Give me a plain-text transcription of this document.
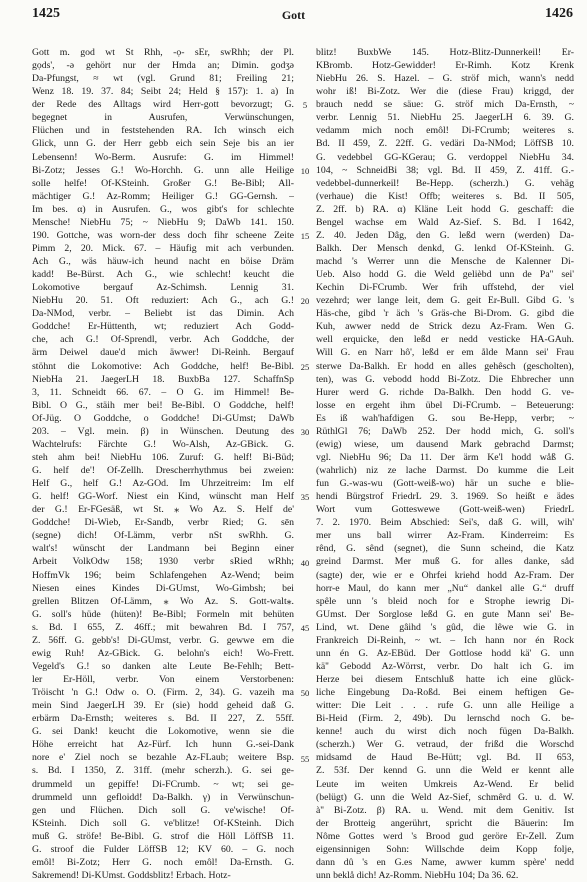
1425	Gott	1426
Gott m. god wt St Rhh, -ọ- sEr, swRhh; der Pl.
gọds', -ə gehört nur der Hmda an; Dimin. godʒə
Da-Pfungst, ≈ wt (vgl. Grund 81; Freiling 21;
Wenz 18. 19. 37. 84; Seibt 24; Held § 157): 1. a) In
der Rede des Alltags wird Herr-gott bevorzugt; G.
begegnet in Ausrufen, Verwünschungen,
Flüchen und in feststehenden RA. Ich winsch eich
Glick, unn G. der Herr gebb eich sein Seje bis an ier
Lebensenn! Wo-Berm. Ausrufe: G. im Himmel!
Bi-Zotz; Jesses G.! Wo-Horchh. G. unn alle Heilige
solle helfe! Of-KSteinh. Großer G.! Be-Bibl; All-
mächtiger G.! Az-Romm; Heiliger G.! GG-Gernsh. –
Im bes. α) in Ausrufen. G., wos gibt's for schlechte
Mensche! NiebHu 75; ~ NiebHu 9; DaWb 141. 150.
190. Gottche, was worn-der dess doch fihr scheene Zeite
Pimm 2, 20. Mick. 67. – Häufig mit ach verbunden.
Ach G., wäs häuw-ich heund nacht en böise Dräm
kadd! Be-Bürst. Ach G., wie schlecht! keucht die
Lokomotive bergauf Az-Schimsh. Lennig 31.
NiebHu 20. 51. Oft reduziert: Ach G., ach G.!
Da-NMod, verbr. – Beliebt ist das Dimin. Ach
Goddche! Er-Hüttenth, wt; reduziert Ach Godd-
che, ach G.! Of-Sprendl, verbr. Ach Goddche, der
ärm Deiwel daue'd mich äwwer! Di-Reinh. Bergauf
stöhnt die Lokomotive: Ach Goddche, helf! Be-Bibl.
NiebHa 21. JaegerLH 18. BuxbBa 127. SchaffnSp
3, 11. Schneidt 66. 67. – O G. im Himmel! Be-
Bibl. O G., stäih mer bei! Be-Bibl. O Goddche, helf!
Of-Jüg. O Goddche, o Goddche! Di-GUmst; DaWb
203. – Vgl. mein. β) in Wünschen. Deutung des
Wachtelrufs: Färchte G.! Wo-Alsh, Az-GBick. G.
steh ahm bei! NiebHu 106. Zuruf: G. helf! Bi-Büd;
G. helf de'! Of-Zellh. Drescherrhythmus bei zweien:
Helf G., helf G.! Az-GOd. Im Uhrzeitreim: Im elf
G. helf! GG-Worf. Niest ein Kind, wünscht man Helf
der G.! Er-FGesäß, wt St. ⁎ Wo Az. S. Helf de'
Goddche! Di-Wieb, Er-Sandb, verbr Ried; G. sēn
(segne) dich! Of-Lämm, verbr nSt swRhh. G.
walt's! wünscht der Landmann bei Beginn einer
Arbeit VolkOdw 158; 1930 verbr sRied wRhh;
HoffmVk 196; beim Schlafengehen Az-Wend; beim
Niesen eines Kindes Di-GUmst, Wo-Gimbsh; bei
grellen Blitzen Of-Lämm, ⁎ Wo Az. S. Gott-walt⁎.
G. soll's hüde (hüten)! Be-Bibl; Formeln mit behüten
s. Bd. I 655, Z. 46ff.; mit bewahren Bd. I 757,
Z. 56ff. G. gebb's! Di-GUmst, verbr. G. gewwe em die
ewig Ruh! Az-GBick. G. belohn's eich! Wo-Frett.
Vegeld's G.! so danken alte Leute Be-Fehlh; Bett-
ler Er-Höll, verbr. Von einem Verstorbenen:
Tröischt 'n G.! Odw o. O. (Firm. 2, 34). G. vazeih ma
mein Sind JaegerLH 39. Er (sie) hodd geheid daß G.
erbärm Da-Ernsth; weiteres s. Bd. II 227, Z. 55ff.
G. sei Dank! keucht die Lokomotive, wenn sie die
Höhe erreicht hat Az-Fürf. Ich hunn G.-sei-Dank
nore e' Ziel noch se bezahle Az-FLaub; weitere Bsp.
s. Bd. I 1350, Z. 31ff. (mehr scherzh.). G. sei ge-
drummeld un gepiffe! Di-FCrumb. ~ wt; sei ge-
drummeld unn gefloidd! Da-Balkh. γ) in Verwünschun-
gen und Flüchen. Dich soll G. ve'wische! Of-
KSteinh. Dich soll G. ve'blitze! Of-KSteinh. Dich
muß G. ströfe! Be-Bibl. G. strof die Höll LöffSB 11.
G. stroof die Fulder LöffSB 12; KV 60. – G. noch
emôl! Bi-Zotz; Herr G. noch emôl! Da-Ernsth. G.
Sakremend! Di-KUmst. Goddsblitz! Erbach. Hotz-
5
10
15
20
25
30
35
40
45
50
55
blitz! BuxbWe 145. Hotz-Blitz-Dunnerkeil! Er-
KBromb. Hotz-Gewidder! Er-Rimh. Kotz Krenk
NiebHu 26. S. Hazel. – G. ströf mich, wann's nedd
wohr iß! Bi-Zotz. Wer die (diese Frau) kriggd, der
brauch nedd se säue: G. ströf mich Da-Ernsth, ~
verbr. Lennig 51. NiebHu 25. JaegerLH 6. 39. G.
vedamm mich noch emôl! Di-FCrumb; weiteres s.
Bd. II 459, Z. 22ff. G. vedäri Da-NMod; LöffSB 10.
G. vedebbel GG-KGerau; G. verdoppel NiebHu 34.
104, ~ SchneidBi 38; vgl. Bd. II 459, Z. 41ff. G.-
vedebbel-dunnerkeil! Be-Hepp. (scherzh.) G. vehäg
(verhaue) die Kist! Offb; weiteres s. Bd. II 505,
Z. 2ff. b) RA. α) Kläne Leit hodd G. geschaff: die
Bengel wachse em Wald Az-Sief. S. Bd. I 1642,
Z. 40. Jeden Dâg, den G. leßd wern (werden) Da-
Balkh. Der Mensch denkd, G. lenkd Of-KSteinh. G.
machd 's Werrer unn die Mensche de Kalenner Di-
Ueb. Also hodd G. die Weld gelièbd unn de Pa'' sei'
Kechin Di-FCrumb. Wer frih uffstehd, der viel
vezehrd; wer lange leit, dem G. geit Er-Bull. Gibd G. 's
Häs-che, gibd 'r äch 's Gräs-che Bi-Drom. G. gibd die
Kuh, awwer nedd de Strick dezu Az-Fram. Wen G.
well erquicke, den leßd er nedd vesticke HA-GAuh.
Will G. en Narr hô', leßd er em ålde Mann sei' Frau
sterwe Da-Balkh. Er hodd en alles gehêsch (gescholten),
ten), was G. vebodd hodd Bi-Zotz. Die Ehbrecher unn
Hurer werd G. richde Da-Balkh. Den hodd G. ve-
losse en ergeht ihm übel Di-FCrumb. – Beteuerung:
Es iß wah'hafdigen G. sou Be-Hepp, verbr; ~
RüthlGl 76; DaWb 252. Der hodd mich, G. soll's
(ewig) wiese, um dausend Mark gebrachd Darmst;
vgl. NiebHu 96; Da 11. Der ärm Ke'l hodd wåß G.
(wahrlich) niz ze lache Darmst. Do kumme die Leit
fun G.-was-wu (Gott-weiß-wo) här un suche e blie-
hendi Bürgstrof FriedrL 29. 3. 1969. So heißt e ädes
Wort vum Gotteswewe (Gott-weiß-wen) FriedrL
7. 2. 1970. Beim Abschied: Sei's, daß G. will, wih'
mer uns ball wirrer Az-Fram. Kinderreim: Es
rênd, G. sênd (segnet), die Sunn scheind, die Katz
greind Darmst. Mer muß G. for alles danke, såd
(sagte) der, wie er e Ohrfei kriehd hodd Az-Fram. Der
horr-e Maul, do kann mer „Nu“ dankel alle G.“ druff
spêle unn 's bleid noch for e Strophe iewrig Di-
GUmst. Der Sorglose leßd G. en gute Mann sei' Be-
Lind, wt. Dene gâihd 's gûd, die lêwe wie G. in
Frankreich Di-Reinh, ~ wt. – Ich hann nor én Rock
unn én G. Az-EBüd. Der Gottlose hodd kä' G. unn
kä'' Gebodd Az-Wörrst, verbr. Do halt ich G. im
Herze bei diesem Entschluß hatte ich eine glück-
liche Eingebung Da-Roßd. Bei einem heftigen Ge-
witter: Die Leit . . . rufe G. unn alle Heilige a
Bi-Heid (Firm. 2, 49b). Du lernschd noch G. be-
kenne! auch du wirst dich noch fügen Da-Balkh.
(scherzh.) Wer G. vetraud, der frißd die Worschd
midsamd de Haud Be-Hütt; vgl. Bd. II 653,
Z. 53f. Der kennd G. unn die Weld er kennt alle
Leute im weiten Umkreis Az-Wend. Er belid
(belügt) G. unn die Weld Az-Sief, schmêrd G. u. d. W.
à'' Bi-Zotz. β) RA. u. Wend. mit dem Genitiv. Ist
der Brotteig angerührt, spricht die Bäuerin: Im
Nôme Gottes werd 's Brood gud geröre Er-Zell. Zum
eigensinnigen Sohn: Willschde deim Kopp folje,
dann dû 's en G.es Name, awwer kumm spère' nedd
unn beklå dich! Az-Romm. NiebHu 104; Da 36. 62.
